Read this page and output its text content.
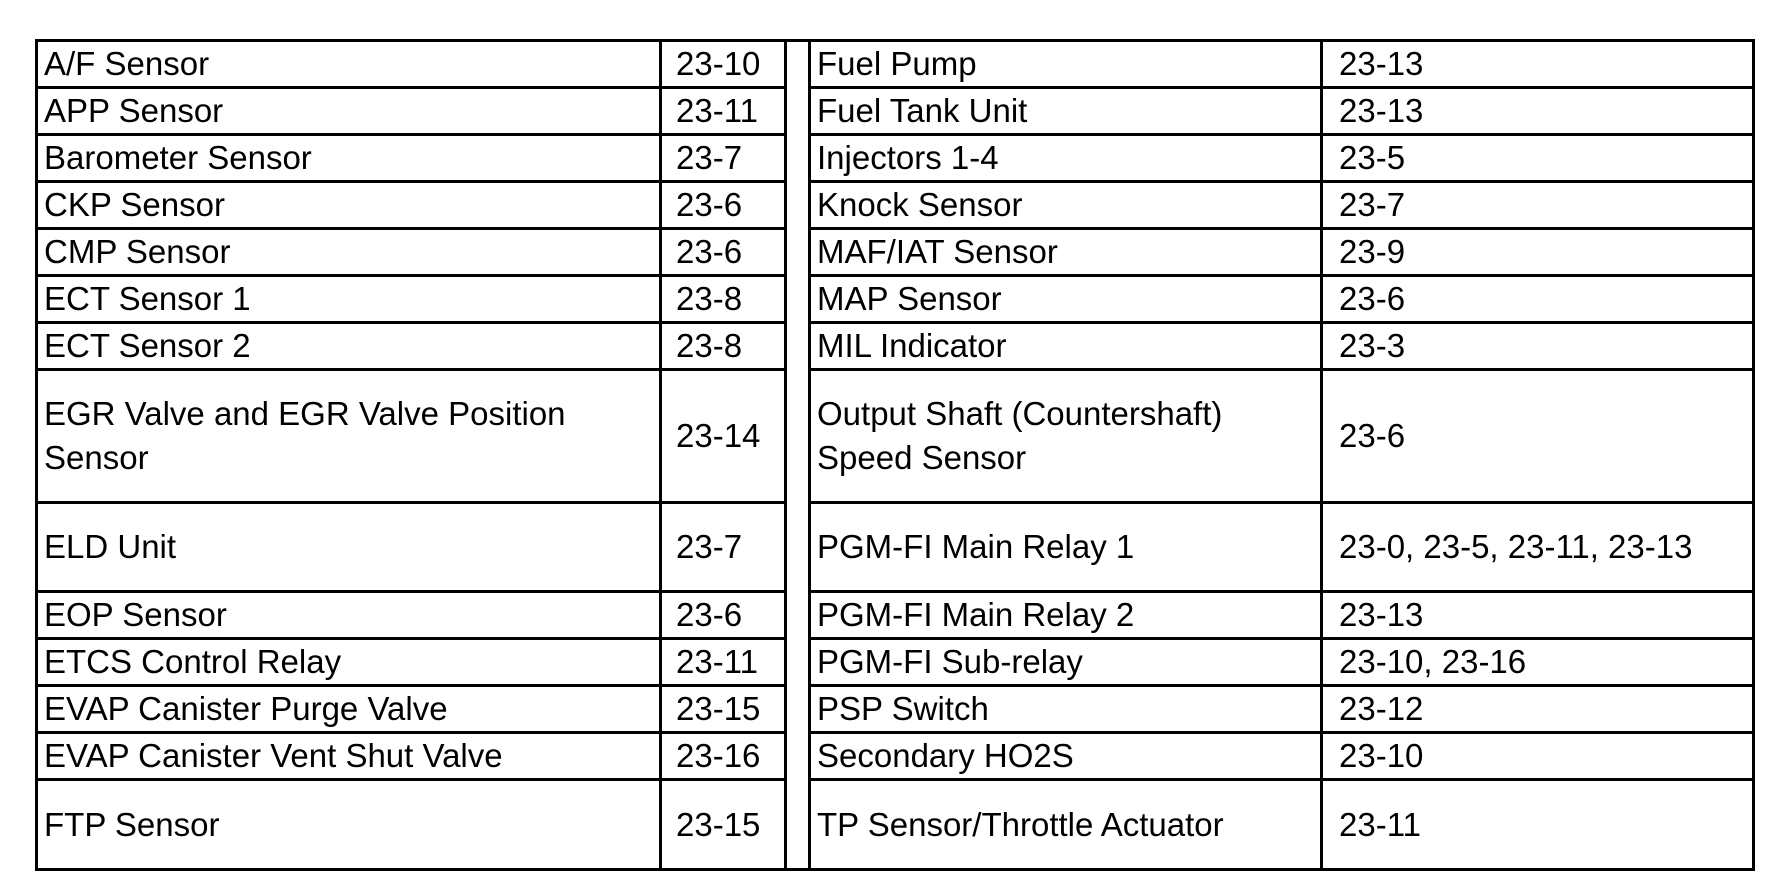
A/F Sensor	23-10		Fuel Pump	23-13
APP Sensor	23-11		Fuel Tank Unit	23-13
Barometer Sensor	23-7		Injectors 1-4	23-5
CKP Sensor	23-6		Knock Sensor	23-7
CMP Sensor	23-6		MAF/IAT Sensor	23-9
ECT Sensor 1	23-8		MAP Sensor	23-6
ECT Sensor 2	23-8		MIL Indicator	23-3
EGR Valve and EGR Valve Position Sensor	23-14		Output Shaft (Countershaft) Speed Sensor	23-6
ELD Unit	23-7		PGM-FI Main Relay 1	23-0, 23-5, 23-11, 23-13
EOP Sensor	23-6		PGM-FI Main Relay 2	23-13
ETCS Control Relay	23-11		PGM-FI Sub-relay	23-10, 23-16
EVAP Canister Purge Valve	23-15		PSP Switch	23-12
EVAP Canister Vent Shut Valve	23-16		Secondary HO2S	23-10
FTP Sensor	23-15		TP Sensor/Throttle Actuator	23-11
